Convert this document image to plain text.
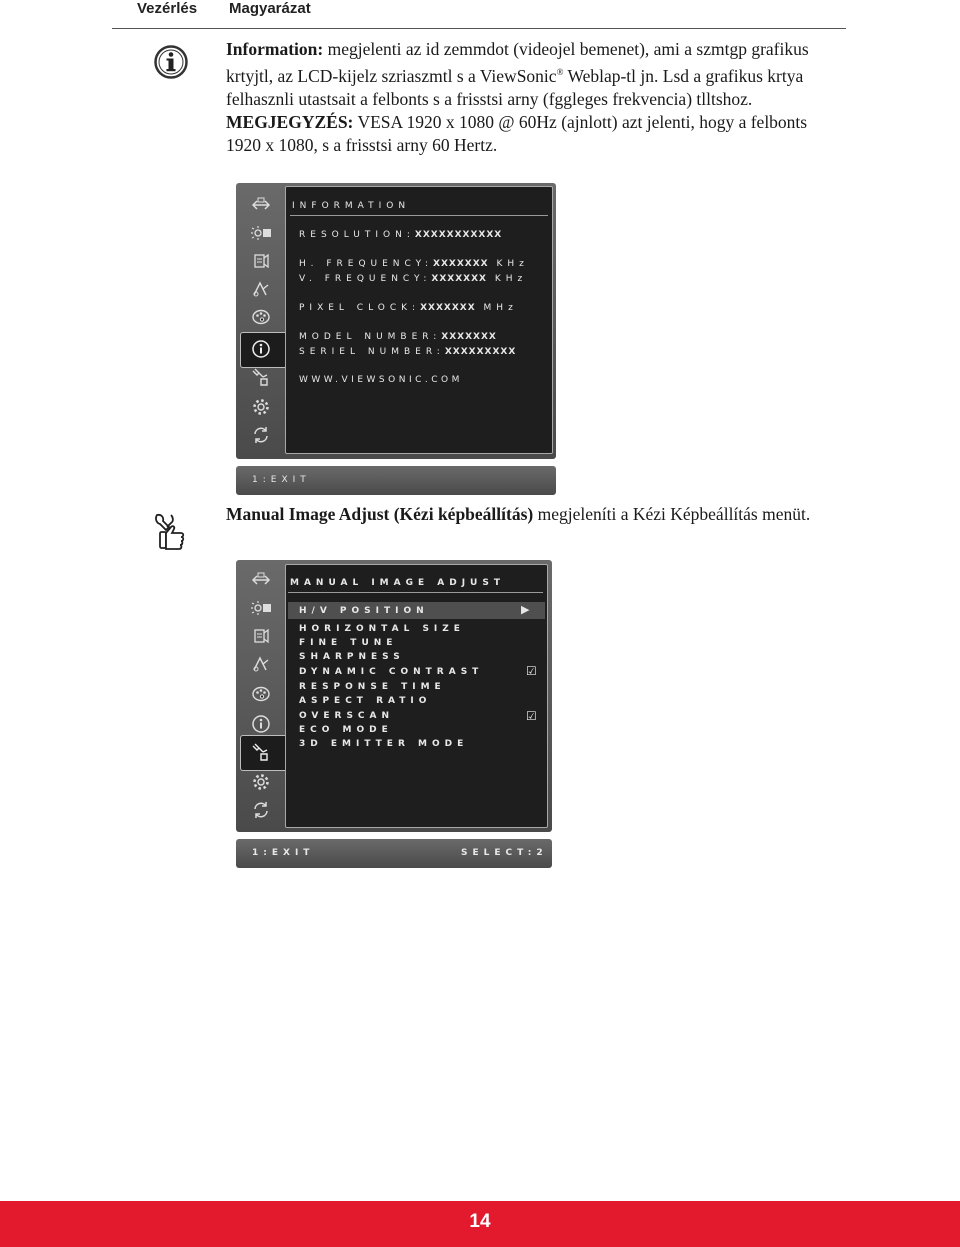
Vezérlés Magyarázat
Information: megjelenti az id zemmdot (videojel bemenet), ami a szmtgp grafikus krtyjtl, az LCD-kijelz szriaszmtl s a ViewSonic® Weblap-tl jn. Lsd a grafikus krtya felhasznli utastsait a felbonts s a frisstsi arny (fggleges frekvencia) tlltshoz.
MEGJEGYZÉS: VESA 1920 x 1080 @ 60Hz (ajnlott) azt jelenti, hogy a felbonts 1920 x 1080, s a frisstsi arny 60 Hertz.
INFORMATION
RESOLUTION:XXXXXXXXXXX
H. FREQUENCY:XXXXXXX KHz
V. FREQUENCY:XXXXXXX KHz
PIXEL CLOCK:XXXXXXX MHz
MODEL NUMBER:XXXXXXX
SERIEL NUMBER:XXXXXXXXX
WWW.VIEWSONIC.COM
1:EXIT
Manual Image Adjust (Kézi képbeállítás) megjeleníti a Kézi Képbeállítás menüt.
MANUAL IMAGE ADJUST
H/V POSITION	▶
HORIZONTAL SIZE
FINE TUNE
SHARPNESS
DYNAMIC CONTRAST	☑
RESPONSE TIME
ASPECT RATIO
OVERSCAN	☑
ECO MODE
3D EMITTER MODE
1:EXIT	SELECT:2
14
